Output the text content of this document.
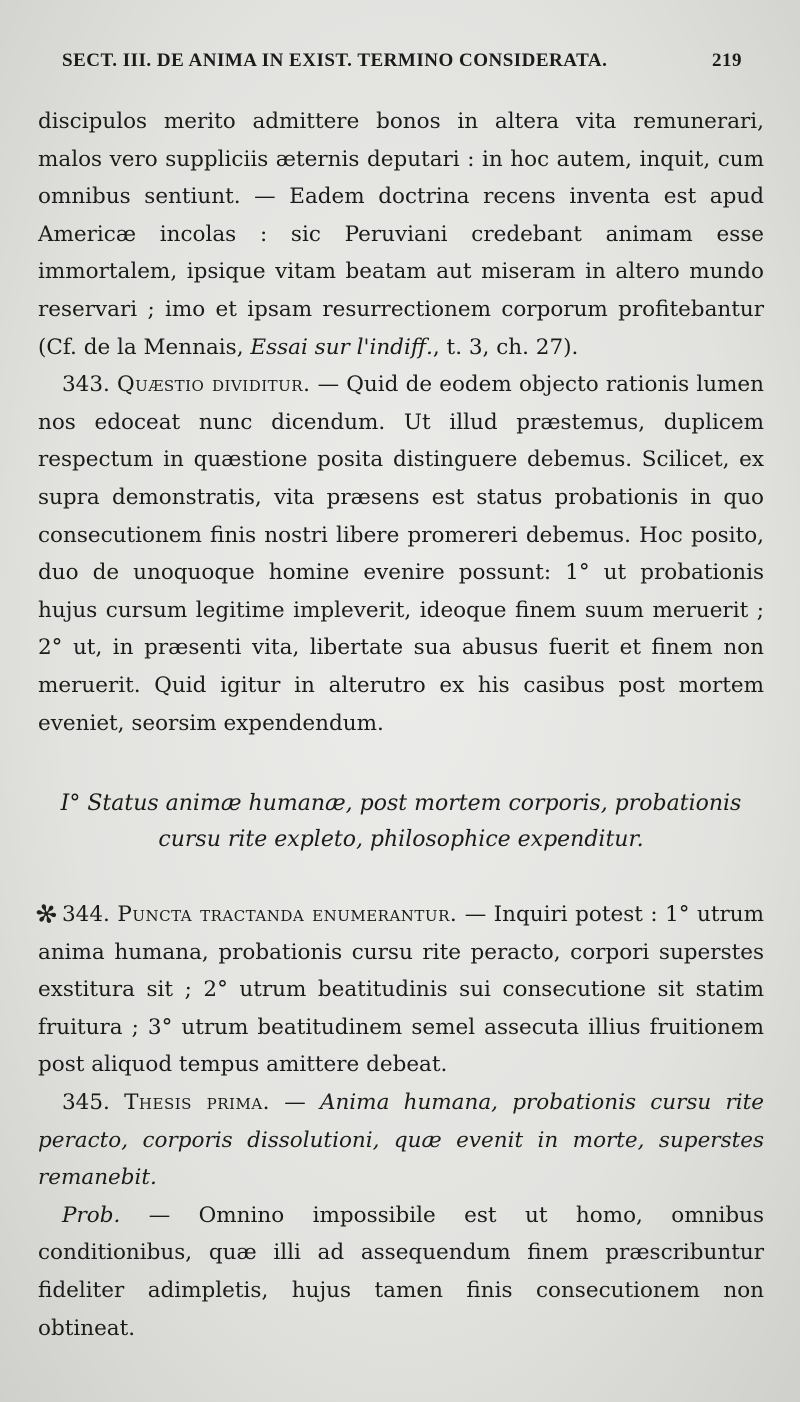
SECT. III. DE ANIMA IN EXIST. TERMINO CONSIDERATA.	219

discipulos merito admittere bonos in altera vita remunerari, malos vero suppliciis æternis deputari : in hoc autem, inquit, cum omnibus sentiunt. — Eadem doctrina recens inventa est apud Americæ incolas : sic Peruviani credebant animam esse immortalem, ipsique vitam beatam aut miseram in altero mundo reservari ; imo et ipsam resurrectionem corporum profitebantur (Cf. de la Mennais, Essai sur l'indiff., t. 3, ch. 27).

343. Quæstio dividitur. — Quid de eodem objecto rationis lumen nos edoceat nunc dicendum. Ut illud præstemus, duplicem respectum in quæstione posita distinguere debemus. Scilicet, ex supra demonstratis, vita præsens est status probationis in quo consecutionem finis nostri libere promereri debemus. Hoc posito, duo de unoquoque homine evenire possunt: 1° ut probationis hujus cursum legitime impleverit, ideoque finem suum meruerit ; 2° ut, in præsenti vita, libertate sua abusus fuerit et finem non meruerit. Quid igitur in alterutro ex his casibus post mortem eveniet, seorsim expendendum.

I° Status animæ humanæ, post mortem corporis, probationis
cursu rite expleto, philosophice expenditur.

344. Puncta tractanda enumerantur. — Inquiri potest : 1° utrum anima humana, probationis cursu rite peracto, corpori superstes exstitura sit ; 2° utrum beatitudinis sui consecutione sit statim fruitura ; 3° utrum beatitudinem semel assecuta illius fruitionem post aliquod tempus amittere debeat.

345. Thesis prima. — Anima humana, probationis cursu rite peracto, corporis dissolutioni, quæ evenit in morte, superstes remanebit.

Prob. — Omnino impossibile est ut homo, omnibus conditionibus, quæ illi ad assequendum finem præscribuntur fideliter adimpletis, hujus tamen finis consecutionem non obtineat.

✻
